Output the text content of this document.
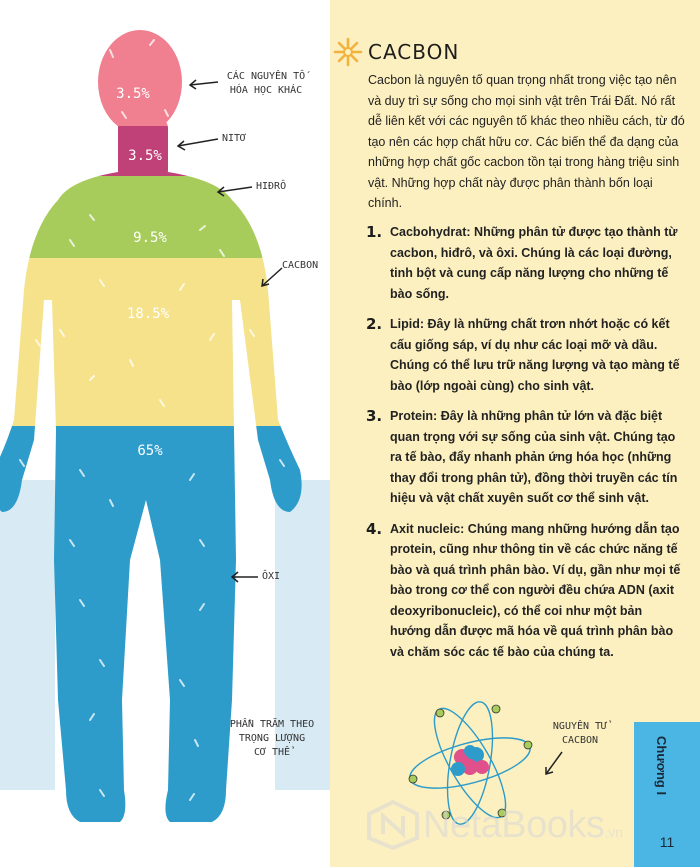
3.5%
3.5%
9.5%
18.5%
65%
CÁC NGUYÊN TỐ
HÓA HỌC KHÁC
NITƠ
HIĐRÔ
CACBON
ÔXI
PHẦN TRĂM THEO
TRỌNG LƯỢNG
CƠ THỂ
CACBON

Cacbon là nguyên tố quan trọng nhất trong việc tạo nên và duy trì sự sống cho mọi sinh vật trên Trái Đất. Nó rất dễ liên kết với các nguyên tố khác theo nhiều cách, từ đó tạo nên các hợp chất hữu cơ. Các biến thể đa dạng của những hợp chất gốc cacbon tồn tại trong hàng triệu sinh vật. Những hợp chất này được phân thành bốn loại chính.

1. Cacbohydrat: Những phân tử được tạo thành từ cacbon, hiđrô, và ôxi. Chúng là các loại đường, tinh bột và cung cấp năng lượng cho những tế bào sống.
2. Lipid: Đây là những chất trơn nhớt hoặc có kết cấu giống sáp, ví dụ như các loại mỡ và dầu. Chúng có thể lưu trữ năng lượng và tạo màng tế bào (lớp ngoài cùng) cho sinh vật.
3. Protein: Đây là những phân tử lớn và đặc biệt quan trọng với sự sống của sinh vật. Chúng tạo ra tế bào, đẩy nhanh phản ứng hóa học (những thay đổi trong phân tử), đồng thời truyền các tín hiệu và vật chất xuyên suốt cơ thể sinh vật.
4. Axit nucleic: Chúng mang những hướng dẫn tạo protein, cũng như thông tin về các chức năng tế bào và quá trình phân bào. Ví dụ, gần như mọi tế bào trong cơ thể con người đều chứa ADN (axit deoxyribonucleic), có thể coi như một bản hướng dẫn được mã hóa về quá trình phân bào và chăm sóc các tế bào của chúng ta.
NGUYÊN TỬ
CACBON	Chương I
11
NetaBooks .vn
